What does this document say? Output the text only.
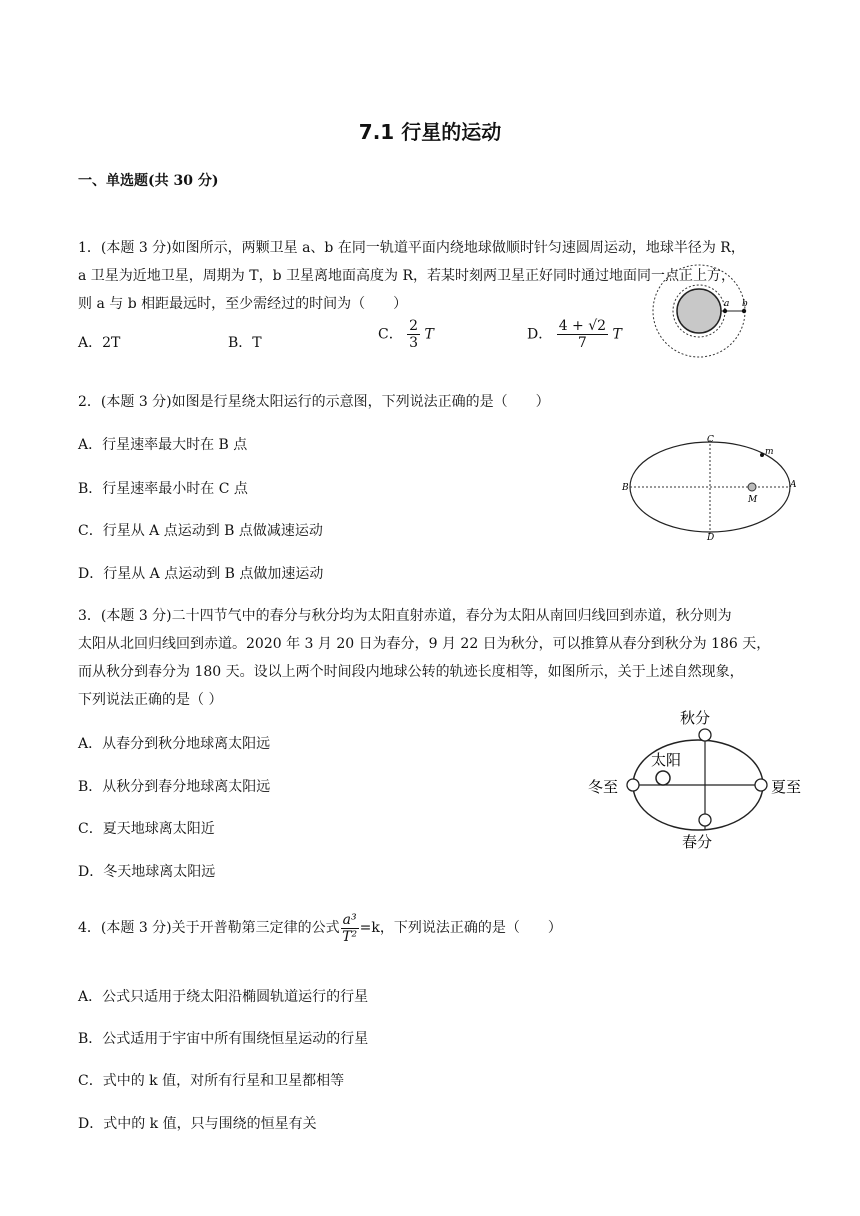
7.1 行星的运动
一、单选题(共 30 分)
1．(本题 3 分)如图所示，两颗卫星 a、b 在同一轨道平面内绕地球做顺时针匀速圆周运动，地球半径为 R，
a 卫星为近地卫星，周期为 T，b 卫星离地面高度为 R，若某时刻两卫星正好同时通过地面同一点正上方，
则 a 与 b 相距最远时，至少需经过的时间为（　　）
A．2T	B．T
C． $\frac{2}{3}$ T	D． $\frac{4 + √2}{7}$ T
a b
2．(本题 3 分)如图是行星绕太阳运行的示意图，下列说法正确的是（　　）
A．行星速率最大时在 B 点
B．行星速率最小时在 C 点
C．行星从 A 点运动到 B 点做减速运动
D．行星从 A 点运动到 B 点做加速运动
C
D
B	A
m
M
3．(本题 3 分)二十四节气中的春分与秋分均为太阳直射赤道，春分为太阳从南回归线回到赤道，秋分则为
太阳从北回归线回到赤道。2020 年 3 月 20 日为春分，9 月 22 日为秋分，可以推算从春分到秋分为 186 天，
而从秋分到春分为 180 天。设以上两个时间段内地球公转的轨迹长度相等，如图所示，关于上述自然现象，
下列说法正确的是（ ）
A．从春分到秋分地球离太阳远
B．从秋分到春分地球离太阳远
C．夏天地球离太阳近
D．冬天地球离太阳远
秋分
太阳
冬至	夏至
春分
4．(本题 3 分)关于开普勒第三定律的公式 $\frac{\text{a³}}{\text{T²}} =k$，下列说法正确的是（　　）
A．公式只适用于绕太阳沿椭圆轨道运行的行星
B．公式适用于宇宙中所有围绕恒星运动的行星
C．式中的 k 值，对所有行星和卫星都相等
D．式中的 k 值，只与围绕的恒星有关
